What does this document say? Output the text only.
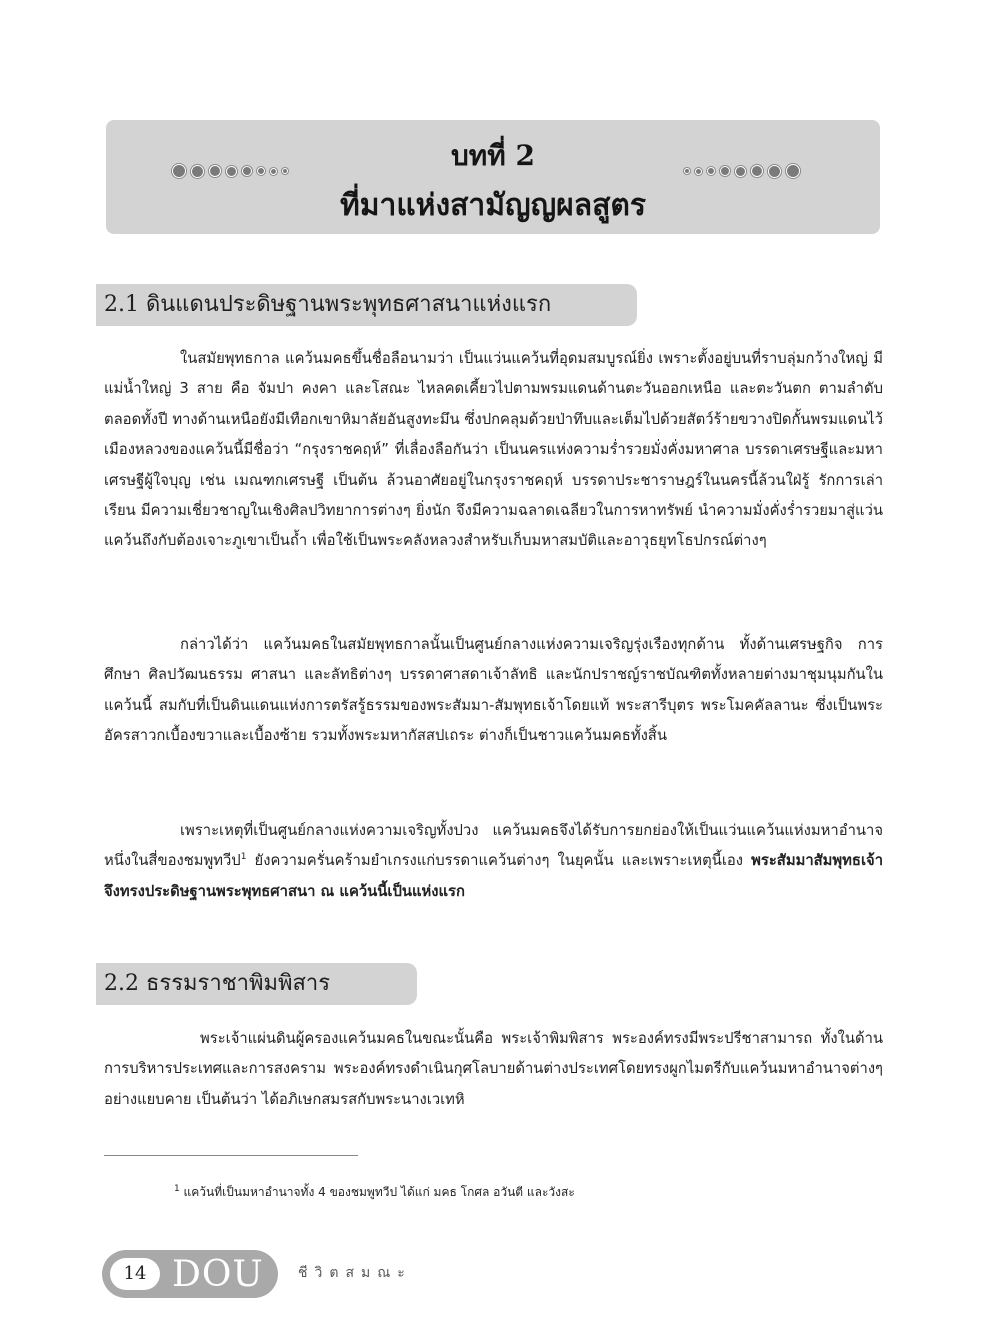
บทที่ 2
ที่มาแห่งสามัญญผลสูตร
2.1 ดินแดนประดิษฐานพระพุทธศาสนาแห่งแรก

ในสมัยพุทธกาล แคว้นมคธขึ้นชื่อลือนามว่า เป็นแว่นแคว้นที่อุดมสมบูรณ์ยิ่ง เพราะตั้งอยู่บนที่ราบลุ่มกว้างใหญ่ มีแม่น้ำใหญ่ 3 สาย คือ จัมปา คงคา และโสณะ ไหลคดเคี้ยวไปตามพรมแดนด้านตะวันออกเหนือ และตะวันตก ตามลำดับตลอดทั้งปี ทางด้านเหนือยังมีเทือกเขาหิมาลัยอันสูงทะมึน ซึ่งปกคลุมด้วยป่าทึบและเต็มไปด้วยสัตว์ร้ายขวางปิดกั้นพรมแดนไว้ เมืองหลวงของแคว้นนี้มีชื่อว่า “กรุงราชคฤห์” ที่เลื่องลือกันว่า เป็นนครแห่งความร่ำรวยมั่งคั่งมหาศาล บรรดาเศรษฐีและมหาเศรษฐีผู้ใจบุญ เช่น เมณฑกเศรษฐี เป็นต้น ล้วนอาศัยอยู่ในกรุงราชคฤห์ บรรดาประชาราษฎร์ในนครนี้ล้วนใฝ่รู้ รักการเล่าเรียน มีความเชี่ยวชาญในเชิงศิลปวิทยาการต่างๆ ยิ่งนัก จึงมีความฉลาดเฉลียวในการหาทรัพย์ นำความมั่งคั่งร่ำรวยมาสู่แว่นแคว้นถึงกับต้องเจาะภูเขาเป็นถ้ำ เพื่อใช้เป็นพระคลังหลวงสำหรับเก็บมหาสมบัติและอาวุธยุทโธปกรณ์ต่างๆ

กล่าวได้ว่า แคว้นมคธในสมัยพุทธกาลนั้นเป็นศูนย์กลางแห่งความเจริญรุ่งเรืองทุกด้าน ทั้งด้านเศรษฐกิจ การศึกษา ศิลปวัฒนธรรม ศาสนา และลัทธิต่างๆ บรรดาศาสดาเจ้าลัทธิ และนักปราชญ์ราชบัณฑิตทั้งหลายต่างมาชุมนุมกันในแคว้นนี้ สมกับที่เป็นดินแดนแห่งการตรัสรู้ธรรมของพระสัมมา-สัมพุทธเจ้าโดยแท้ พระสารีบุตร พระโมคคัลลานะ ซึ่งเป็นพระอัครสาวกเบื้องขวาและเบื้องซ้าย รวมทั้งพระมหากัสสปเถระ ต่างก็เป็นชาวแคว้นมคธทั้งสิ้น

เพราะเหตุที่เป็นศูนย์กลางแห่งความเจริญทั้งปวง แคว้นมคธจึงได้รับการยกย่องให้เป็นแว่นแคว้นแห่งมหาอำนาจ หนึ่งในสี่ของชมพูทวีป$^1$ ยังความครั่นคร้ามยำเกรงแก่บรรดาแคว้นต่างๆ ในยุคนั้น และเพราะเหตุนี้เอง พระสัมมาสัมพุทธเจ้าจึงทรงประดิษฐานพระพุทธศาสนา ณ แคว้นนี้เป็นแห่งแรก

2.2 ธรรมราชาพิมพิสาร

พระเจ้าแผ่นดินผู้ครองแคว้นมคธในขณะนั้นคือ พระเจ้าพิมพิสาร พระองค์ทรงมีพระปรีชาสามารถ ทั้งในด้านการบริหารประเทศและการสงคราม พระองค์ทรงดำเนินกุศโลบายด้านต่างประเทศโดยทรงผูกไมตรีกับแคว้นมหาอำนาจต่างๆ อย่างแยบคาย เป็นต้นว่า ได้อภิเษกสมรสกับพระนางเวเทหิ

$^1$ แคว้นที่เป็นมหาอำนาจทั้ง 4 ของชมพูทวีป ได้แก่ มคธ โกศล อวันตี และวังสะ
14 DOU ชีวิตสมณะ
